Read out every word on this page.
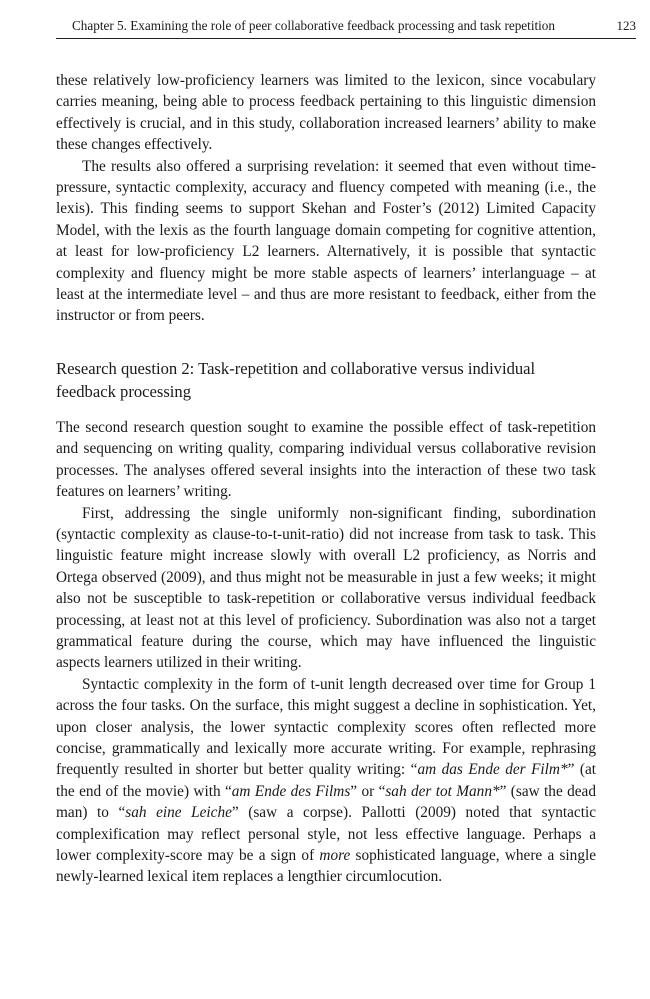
Chapter 5. Examining the role of peer collaborative feedback processing and task repetition	123

these relatively low-proficiency learners was limited to the lexicon, since vocabulary carries meaning, being able to process feedback pertaining to this linguistic dimension effectively is crucial, and in this study, collaboration increased learners’ ability to make these changes effectively.

The results also offered a surprising revelation: it seemed that even without time-pressure, syntactic complexity, accuracy and fluency competed with meaning (i.e., the lexis). This finding seems to support Skehan and Foster’s (2012) Limited Capacity Model, with the lexis as the fourth language domain competing for cognitive attention, at least for low-proficiency L2 learners. Alternatively, it is possible that syntactic complexity and fluency might be more stable aspects of learners’ interlanguage – at least at the intermediate level – and thus are more resistant to feedback, either from the instructor or from peers.

Research question 2: Task-repetition and collaborative versus individual feedback processing

The second research question sought to examine the possible effect of task-repetition and sequencing on writing quality, comparing individual versus collaborative revision processes. The analyses offered several insights into the interaction of these two task features on learners’ writing.

First, addressing the single uniformly non-significant finding, subordination (syntactic complexity as clause-to-t-unit-ratio) did not increase from task to task. This linguistic feature might increase slowly with overall L2 proficiency, as Norris and Ortega observed (2009), and thus might not be measurable in just a few weeks; it might also not be susceptible to task-repetition or collaborative versus individual feedback processing, at least not at this level of proficiency. Subordination was also not a target grammatical feature during the course, which may have influenced the linguistic aspects learners utilized in their writing.

Syntactic complexity in the form of t-unit length decreased over time for Group 1 across the four tasks. On the surface, this might suggest a decline in sophistication. Yet, upon closer analysis, the lower syntactic complexity scores often reflected more concise, grammatically and lexically more accurate writing. For example, rephrasing frequently resulted in shorter but better quality writing: “am das Ende der Film*” (at the end of the movie) with “am Ende des Films” or “sah der tot Mann*” (saw the dead man) to “sah eine Leiche” (saw a corpse). Pallotti (2009) noted that syntactic complexification may reflect personal style, not less effective language. Perhaps a lower complexity-score may be a sign of more sophisticated language, where a single newly-learned lexical item replaces a lengthier circumlocution.
